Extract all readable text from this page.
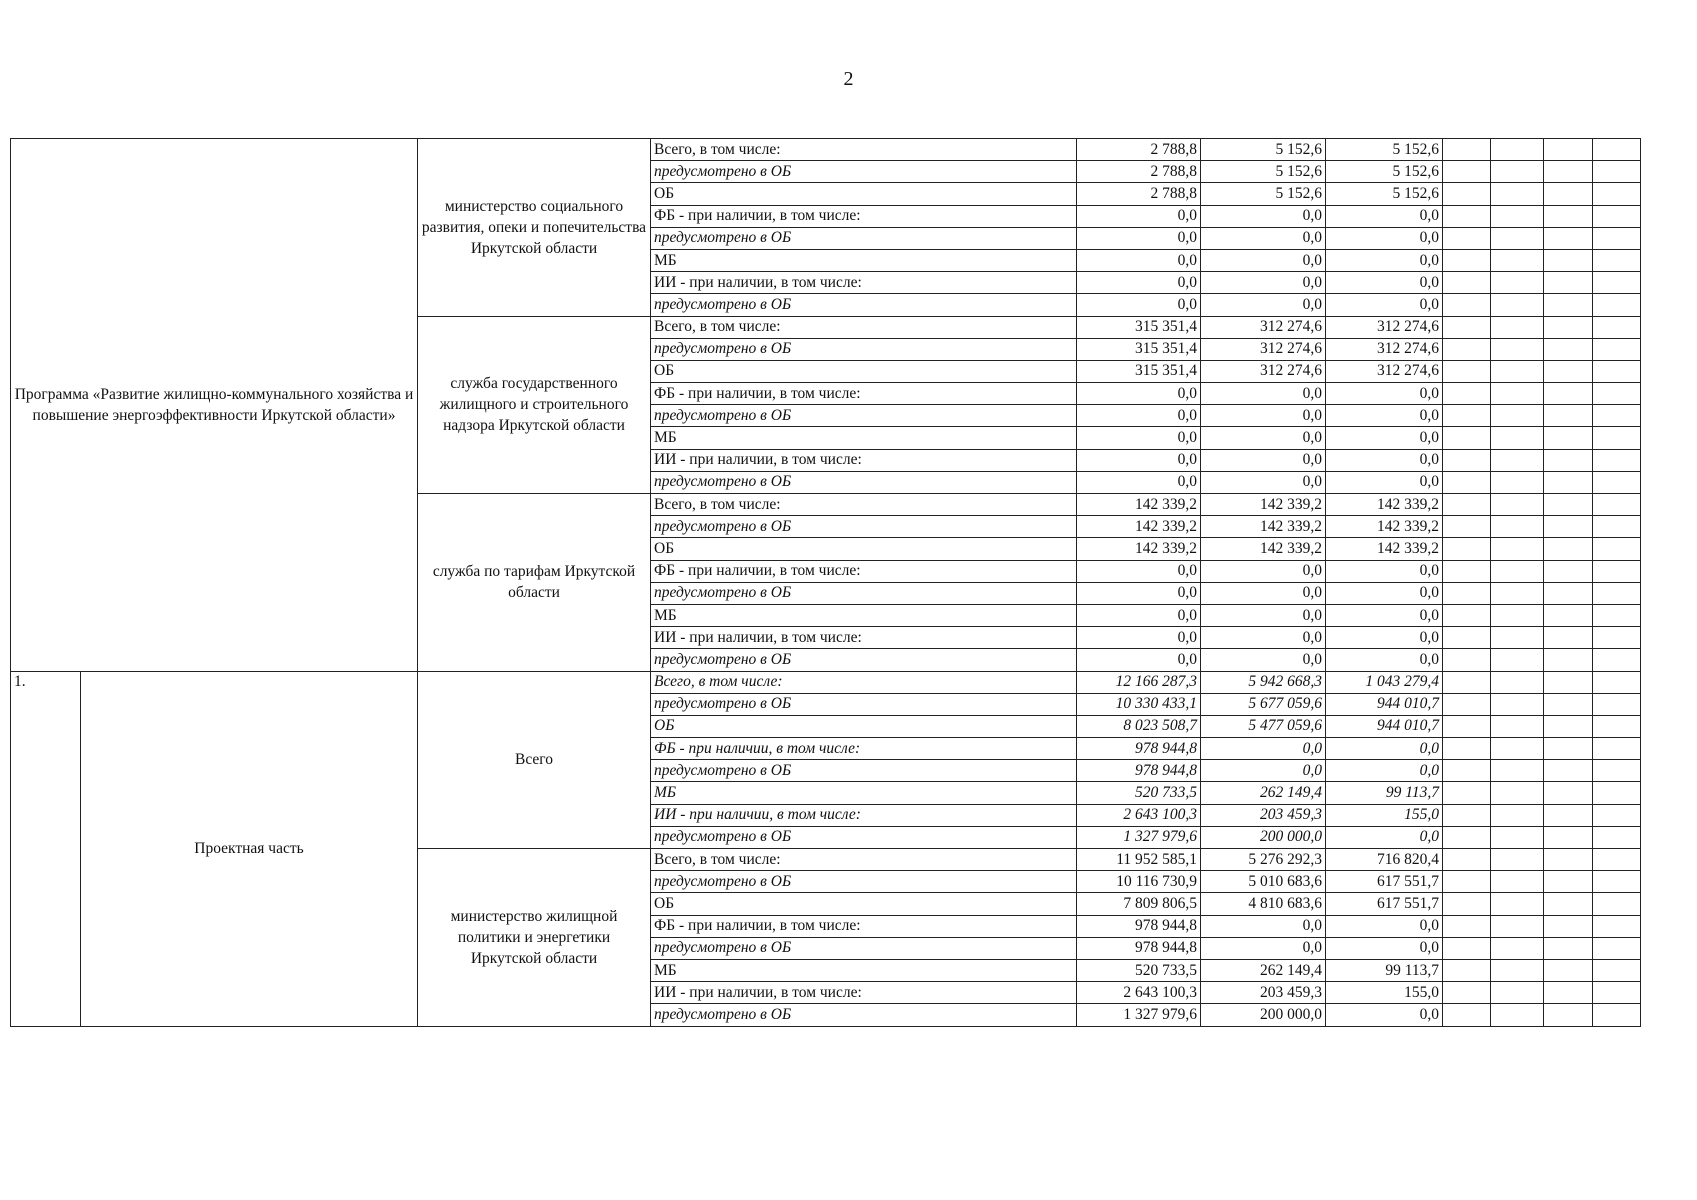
2
Программа «Развитие жилищно-коммунального хозяйства и повышение энергоэффективности Иркутской области»		министерство социального развития, опеки и попечительства Иркутской области	Всего, в том числе:	2 788,8	5 152,6	5 152,6				
			предусмотрено в ОБ	2 788,8	5 152,6	5 152,6				
			ОБ	2 788,8	5 152,6	5 152,6				
			ФБ - при наличии, в том числе:	0,0	0,0	0,0				
			предусмотрено в ОБ	0,0	0,0	0,0				
			МБ	0,0	0,0	0,0				
			ИИ - при наличии, в том числе:	0,0	0,0	0,0				
			предусмотрено в ОБ	0,0	0,0	0,0				
		служба государственного жилищного и строительного надзора Иркутской области	Всего, в том числе:	315 351,4	312 274,6	312 274,6				
			предусмотрено в ОБ	315 351,4	312 274,6	312 274,6				
			ОБ	315 351,4	312 274,6	312 274,6				
			ФБ - при наличии, в том числе:	0,0	0,0	0,0				
			предусмотрено в ОБ	0,0	0,0	0,0				
			МБ	0,0	0,0	0,0				
			ИИ - при наличии, в том числе:	0,0	0,0	0,0				
			предусмотрено в ОБ	0,0	0,0	0,0				
		служба по тарифам Иркутской области	Всего, в том числе:	142 339,2	142 339,2	142 339,2				
			предусмотрено в ОБ	142 339,2	142 339,2	142 339,2				
			ОБ	142 339,2	142 339,2	142 339,2				
			ФБ - при наличии, в том числе:	0,0	0,0	0,0				
			предусмотрено в ОБ	0,0	0,0	0,0				
			МБ	0,0	0,0	0,0				
			ИИ - при наличии, в том числе:	0,0	0,0	0,0				
			предусмотрено в ОБ	0,0	0,0	0,0				
1.	Проектная часть	Всего	Всего, в том числе:	12 166 287,3	5 942 668,3	1 043 279,4				
			предусмотрено в ОБ	10 330 433,1	5 677 059,6	944 010,7				
			ОБ	8 023 508,7	5 477 059,6	944 010,7				
			ФБ - при наличии, в том числе:	978 944,8	0,0	0,0				
			предусмотрено в ОБ	978 944,8	0,0	0,0				
			МБ	520 733,5	262 149,4	99 113,7				
			ИИ - при наличии, в том числе:	2 643 100,3	203 459,3	155,0				
			предусмотрено в ОБ	1 327 979,6	200 000,0	0,0				
		министерство жилищной политики и энергетики Иркутской области	Всего, в том числе:	11 952 585,1	5 276 292,3	716 820,4				
			предусмотрено в ОБ	10 116 730,9	5 010 683,6	617 551,7				
			ОБ	7 809 806,5	4 810 683,6	617 551,7				
			ФБ - при наличии, в том числе:	978 944,8	0,0	0,0				
			предусмотрено в ОБ	978 944,8	0,0	0,0				
			МБ	520 733,5	262 149,4	99 113,7				
			ИИ - при наличии, в том числе:	2 643 100,3	203 459,3	155,0				
			предусмотрено в ОБ	1 327 979,6	200 000,0	0,0				
